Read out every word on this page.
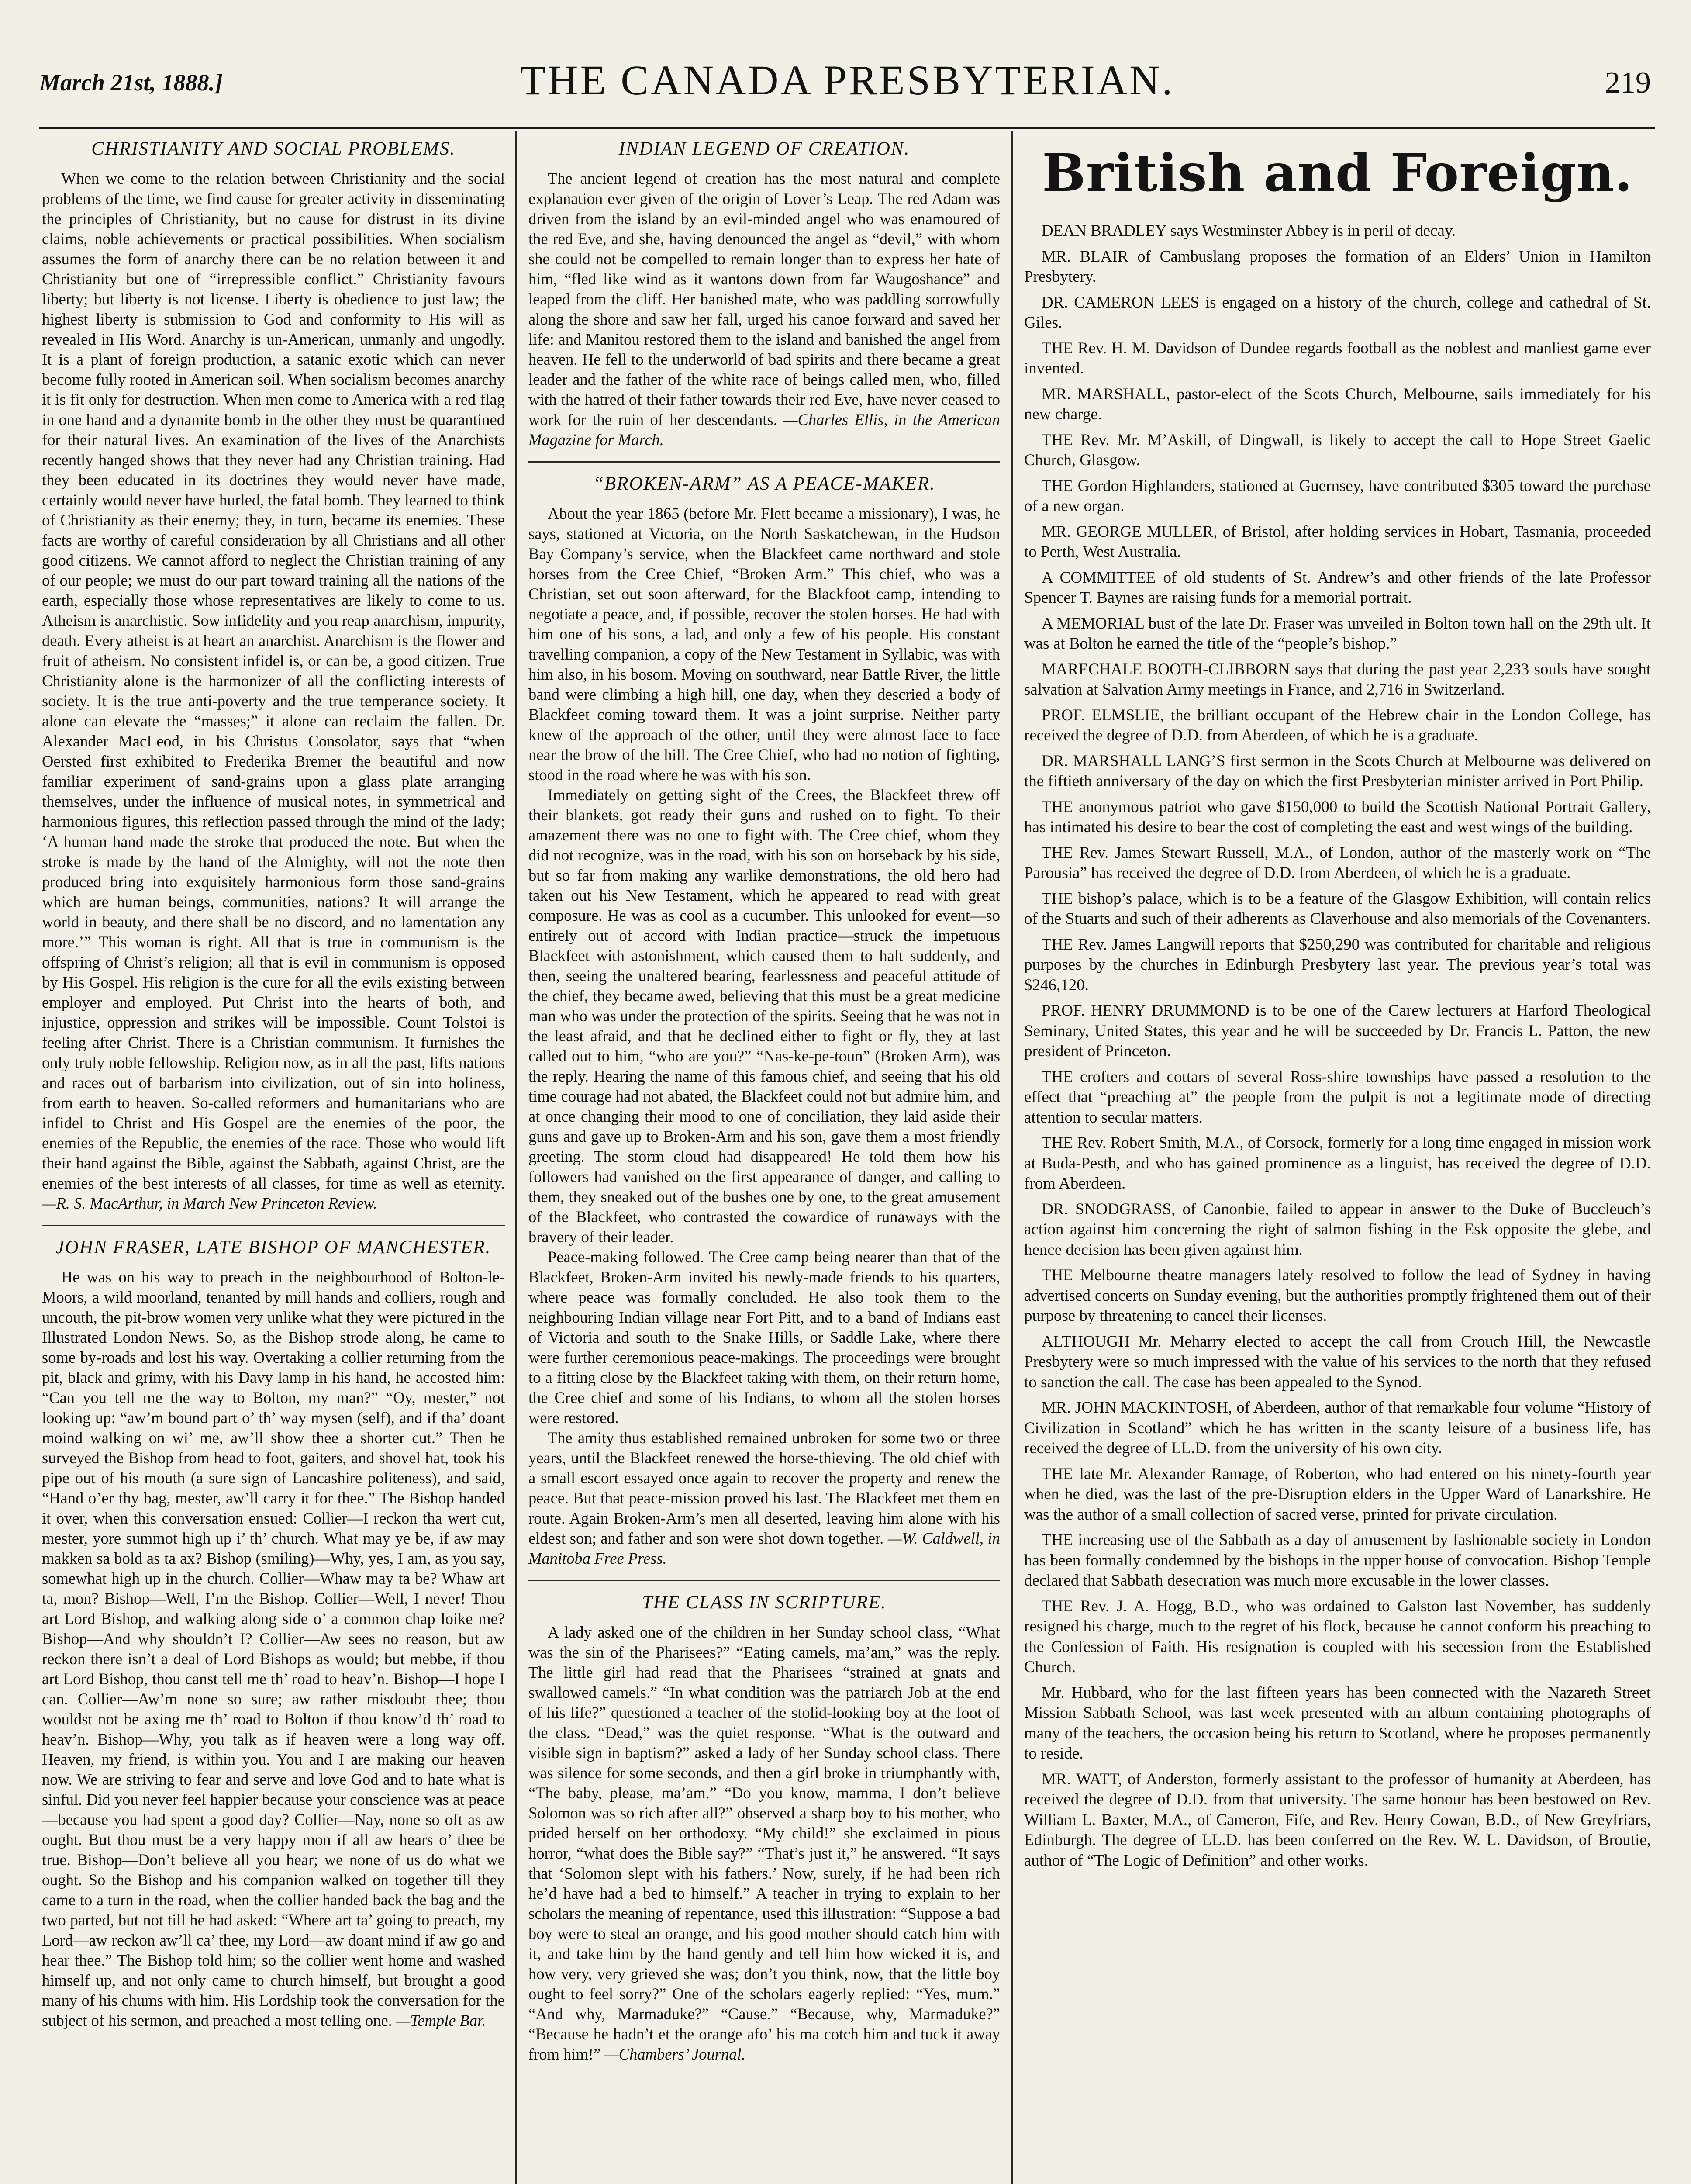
March 21st, 1888.]	THE CANADA PRESBYTERIAN.	219
CHRISTIANITY AND SOCIAL PROBLEMS.

When we come to the relation between Christianity and the social problems of the time, we find cause for greater activity in disseminating the principles of Christianity, but no cause for distrust in its divine claims, noble achievements or practical possibilities. When socialism assumes the form of anarchy there can be no relation between it and Christianity but one of “irrepressible conflict.” Christianity favours liberty; but liberty is not license. Liberty is obedience to just law; the highest liberty is submission to God and conformity to His will as revealed in His Word. Anarchy is un-American, unmanly and ungodly. It is a plant of foreign production, a satanic exotic which can never become fully rooted in American soil. When socialism becomes anarchy it is fit only for destruction. When men come to America with a red flag in one hand and a dynamite bomb in the other they must be quarantined for their natural lives. An examination of the lives of the Anarchists recently hanged shows that they never had any Christian training. Had they been educated in its doctrines they would never have made, certainly would never have hurled, the fatal bomb. They learned to think of Christianity as their enemy; they, in turn, became its enemies. These facts are worthy of careful consideration by all Christians and all other good citizens. We cannot afford to neglect the Christian training of any of our people; we must do our part toward training all the nations of the earth, especially those whose representatives are likely to come to us. Atheism is anarchistic. Sow infidelity and you reap anarchism, impurity, death. Every atheist is at heart an anarchist. Anarchism is the flower and fruit of atheism. No consistent infidel is, or can be, a good citizen. True Christianity alone is the harmonizer of all the conflicting interests of society. It is the true anti-poverty and the true temperance society. It alone can elevate the “masses;” it alone can reclaim the fallen. Dr. Alexander MacLeod, in his Christus Consolator, says that “when Oersted first exhibited to Frederika Bremer the beautiful and now familiar experiment of sand-grains upon a glass plate arranging themselves, under the influence of musical notes, in symmetrical and harmonious figures, this reflection passed through the mind of the lady; ‘A human hand made the stroke that produced the note. But when the stroke is made by the hand of the Almighty, will not the note then produced bring into exquisitely harmonious form those sand-grains which are human beings, communities, nations? It will arrange the world in beauty, and there shall be no discord, and no lamentation any more.’” This woman is right. All that is true in communism is the offspring of Christ’s religion; all that is evil in communism is opposed by His Gospel. His religion is the cure for all the evils existing between employer and employed. Put Christ into the hearts of both, and injustice, oppression and strikes will be impossible. Count Tolstoi is feeling after Christ. There is a Christian communism. It furnishes the only truly noble fellowship. Religion now, as in all the past, lifts nations and races out of barbarism into civilization, out of sin into holiness, from earth to heaven. So-called reformers and humanitarians who are infidel to Christ and His Gospel are the enemies of the poor, the enemies of the Republic, the enemies of the race. Those who would lift their hand against the Bible, against the Sabbath, against Christ, are the enemies of the best interests of all classes, for time as well as eternity. —R. S. MacArthur, in March New Princeton Review.

JOHN FRASER, LATE BISHOP OF MANCHESTER.

He was on his way to preach in the neighbourhood of Bolton-le-Moors, a wild moorland, tenanted by mill hands and colliers, rough and uncouth, the pit-brow women very unlike what they were pictured in the Illustrated London News. So, as the Bishop strode along, he came to some by-roads and lost his way. Overtaking a collier returning from the pit, black and grimy, with his Davy lamp in his hand, he accosted him: “Can you tell me the way to Bolton, my man?” “Oy, mester,” not looking up: “aw’m bound part o’ th’ way mysen (self), and if tha’ doant moind walking on wi’ me, aw’ll show thee a shorter cut.” Then he surveyed the Bishop from head to foot, gaiters, and shovel hat, took his pipe out of his mouth (a sure sign of Lancashire politeness), and said, “Hand o’er thy bag, mester, aw’ll carry it for thee.” The Bishop handed it over, when this conversation ensued: Collier—I reckon tha wert cut, mester, yore summot high up i’ th’ church. What may ye be, if aw may makken sa bold as ta ax? Bishop (smiling)—Why, yes, I am, as you say, somewhat high up in the church. Collier—Whaw may ta be? Whaw art ta, mon? Bishop—Well, I’m the Bishop. Collier—Well, I never! Thou art Lord Bishop, and walking along side o’ a common chap loike me? Bishop—And why shouldn’t I? Collier—Aw sees no reason, but aw reckon there isn’t a deal of Lord Bishops as would; but mebbe, if thou art Lord Bishop, thou canst tell me th’ road to heav’n. Bishop—I hope I can. Collier—Aw’m none so sure; aw rather misdoubt thee; thou wouldst not be axing me th’ road to Bolton if thou know’d th’ road to heav’n. Bishop—Why, you talk as if heaven were a long way off. Heaven, my friend, is within you. You and I are making our heaven now. We are striving to fear and serve and love God and to hate what is sinful. Did you never feel happier because your conscience was at peace—because you had spent a good day? Collier—Nay, none so oft as aw ought. But thou must be a very happy mon if all aw hears o’ thee be true. Bishop—Don’t believe all you hear; we none of us do what we ought. So the Bishop and his companion walked on together till they came to a turn in the road, when the collier handed back the bag and the two parted, but not till he had asked: “Where art ta’ going to preach, my Lord—aw reckon aw’ll ca’ thee, my Lord—aw doant mind if aw go and hear thee.” The Bishop told him; so the collier went home and washed himself up, and not only came to church himself, but brought a good many of his chums with him. His Lordship took the conversation for the subject of his sermon, and preached a most telling one. —Temple Bar.

INDIAN LEGEND OF CREATION.

The ancient legend of creation has the most natural and complete explanation ever given of the origin of Lover’s Leap. The red Adam was driven from the island by an evil-minded angel who was enamoured of the red Eve, and she, having denounced the angel as “devil,” with whom she could not be compelled to remain longer than to express her hate of him, “fled like wind as it wantons down from far Waugoshance” and leaped from the cliff. Her banished mate, who was paddling sorrowfully along the shore and saw her fall, urged his canoe forward and saved her life: and Manitou restored them to the island and banished the angel from heaven. He fell to the underworld of bad spirits and there became a great leader and the father of the white race of beings called men, who, filled with the hatred of their father towards their red Eve, have never ceased to work for the ruin of her descendants. —Charles Ellis, in the American Magazine for March.

“BROKEN-ARM” AS A PEACE-MAKER.

About the year 1865 (before Mr. Flett became a missionary), I was, he says, stationed at Victoria, on the North Saskatchewan, in the Hudson Bay Company’s service, when the Blackfeet came northward and stole horses from the Cree Chief, “Broken Arm.” This chief, who was a Christian, set out soon afterward, for the Blackfoot camp, intending to negotiate a peace, and, if possible, recover the stolen horses. He had with him one of his sons, a lad, and only a few of his people. His constant travelling companion, a copy of the New Testament in Syllabic, was with him also, in his bosom. Moving on southward, near Battle River, the little band were climbing a high hill, one day, when they descried a body of Blackfeet coming toward them. It was a joint surprise. Neither party knew of the approach of the other, until they were almost face to face near the brow of the hill. The Cree Chief, who had no notion of fighting, stood in the road where he was with his son.

Immediately on getting sight of the Crees, the Blackfeet threw off their blankets, got ready their guns and rushed on to fight. To their amazement there was no one to fight with. The Cree chief, whom they did not recognize, was in the road, with his son on horseback by his side, but so far from making any warlike demonstrations, the old hero had taken out his New Testament, which he appeared to read with great composure. He was as cool as a cucumber. This unlooked for event—so entirely out of accord with Indian practice—struck the impetuous Blackfeet with astonishment, which caused them to halt suddenly, and then, seeing the unaltered bearing, fearlessness and peaceful attitude of the chief, they became awed, believing that this must be a great medicine man who was under the protection of the spirits. Seeing that he was not in the least afraid, and that he declined either to fight or fly, they at last called out to him, “who are you?” “Nas-ke-pe-toun” (Broken Arm), was the reply. Hearing the name of this famous chief, and seeing that his old time courage had not abated, the Blackfeet could not but admire him, and at once changing their mood to one of conciliation, they laid aside their guns and gave up to Broken-Arm and his son, gave them a most friendly greeting. The storm cloud had disappeared! He told them how his followers had vanished on the first appearance of danger, and calling to them, they sneaked out of the bushes one by one, to the great amusement of the Blackfeet, who contrasted the cowardice of runaways with the bravery of their leader.

Peace-making followed. The Cree camp being nearer than that of the Blackfeet, Broken-Arm invited his newly-made friends to his quarters, where peace was formally concluded. He also took them to the neighbouring Indian village near Fort Pitt, and to a band of Indians east of Victoria and south to the Snake Hills, or Saddle Lake, where there were further ceremonious peace-makings. The proceedings were brought to a fitting close by the Blackfeet taking with them, on their return home, the Cree chief and some of his Indians, to whom all the stolen horses were restored.

The amity thus established remained unbroken for some two or three years, until the Blackfeet renewed the horse-thieving. The old chief with a small escort essayed once again to recover the property and renew the peace. But that peace-mission proved his last. The Blackfeet met them en route. Again Broken-Arm’s men all deserted, leaving him alone with his eldest son; and father and son were shot down together. —W. Caldwell, in Manitoba Free Press.

THE CLASS IN SCRIPTURE.

A lady asked one of the children in her Sunday school class, “What was the sin of the Pharisees?” “Eating camels, ma’am,” was the reply. The little girl had read that the Pharisees “strained at gnats and swallowed camels.” “In what condition was the patriarch Job at the end of his life?” questioned a teacher of the stolid-looking boy at the foot of the class. “Dead,” was the quiet response. “What is the outward and visible sign in baptism?” asked a lady of her Sunday school class. There was silence for some seconds, and then a girl broke in triumphantly with, “The baby, please, ma’am.” “Do you know, mamma, I don’t believe Solomon was so rich after all?” observed a sharp boy to his mother, who prided herself on her orthodoxy. “My child!” she exclaimed in pious horror, “what does the Bible say?” “That’s just it,” he answered. “It says that ‘Solomon slept with his fathers.’ Now, surely, if he had been rich he’d have had a bed to himself.” A teacher in trying to explain to her scholars the meaning of repentance, used this illustration: “Suppose a bad boy were to steal an orange, and his good mother should catch him with it, and take him by the hand gently and tell him how wicked it is, and how very, very grieved she was; don’t you think, now, that the little boy ought to feel sorry?” One of the scholars eagerly replied: “Yes, mum.” “And why, Marmaduke?” “Cause.” “Because, why, Marmaduke?” “Because he hadn’t et the orange afo’ his ma cotch him and tuck it away from him!” —Chambers’ Journal.

British and Foreign.

DEAN BRADLEY says Westminster Abbey is in peril of decay.

MR. BLAIR of Cambuslang proposes the formation of an Elders’ Union in Hamilton Presbytery.

DR. CAMERON LEES is engaged on a history of the church, college and cathedral of St. Giles.

THE Rev. H. M. Davidson of Dundee regards football as the noblest and manliest game ever invented.

MR. MARSHALL, pastor-elect of the Scots Church, Melbourne, sails immediately for his new charge.

THE Rev. Mr. M’Askill, of Dingwall, is likely to accept the call to Hope Street Gaelic Church, Glasgow.

THE Gordon Highlanders, stationed at Guernsey, have contributed $305 toward the purchase of a new organ.

MR. GEORGE MULLER, of Bristol, after holding services in Hobart, Tasmania, proceeded to Perth, West Australia.

A COMMITTEE of old students of St. Andrew’s and other friends of the late Professor Spencer T. Baynes are raising funds for a memorial portrait.

A MEMORIAL bust of the late Dr. Fraser was unveiled in Bolton town hall on the 29th ult. It was at Bolton he earned the title of the “people’s bishop.”

MARECHALE BOOTH-CLIBBORN says that during the past year 2,233 souls have sought salvation at Salvation Army meetings in France, and 2,716 in Switzerland.

PROF. ELMSLIE, the brilliant occupant of the Hebrew chair in the London College, has received the degree of D.D. from Aberdeen, of which he is a graduate.

DR. MARSHALL LANG’S first sermon in the Scots Church at Melbourne was delivered on the fiftieth anniversary of the day on which the first Presbyterian minister arrived in Port Philip.

THE anonymous patriot who gave $150,000 to build the Scottish National Portrait Gallery, has intimated his desire to bear the cost of completing the east and west wings of the building.

THE Rev. James Stewart Russell, M.A., of London, author of the masterly work on “The Parousia” has received the degree of D.D. from Aberdeen, of which he is a graduate.

THE bishop’s palace, which is to be a feature of the Glasgow Exhibition, will contain relics of the Stuarts and such of their adherents as Claverhouse and also memorials of the Covenanters.

THE Rev. James Langwill reports that $250,290 was contributed for charitable and religious purposes by the churches in Edinburgh Presbytery last year. The previous year’s total was $246,120.

PROF. HENRY DRUMMOND is to be one of the Carew lecturers at Harford Theological Seminary, United States, this year and he will be succeeded by Dr. Francis L. Patton, the new president of Princeton.

THE crofters and cottars of several Ross-shire townships have passed a resolution to the effect that “preaching at” the people from the pulpit is not a legitimate mode of directing attention to secular matters.

THE Rev. Robert Smith, M.A., of Corsock, formerly for a long time engaged in mission work at Buda-Pesth, and who has gained prominence as a linguist, has received the degree of D.D. from Aberdeen.

DR. SNODGRASS, of Canonbie, failed to appear in answer to the Duke of Buccleuch’s action against him concerning the right of salmon fishing in the Esk opposite the glebe, and hence decision has been given against him.

THE Melbourne theatre managers lately resolved to follow the lead of Sydney in having advertised concerts on Sunday evening, but the authorities promptly frightened them out of their purpose by threatening to cancel their licenses.

ALTHOUGH Mr. Meharry elected to accept the call from Crouch Hill, the Newcastle Presbytery were so much impressed with the value of his services to the north that they refused to sanction the call. The case has been appealed to the Synod.

MR. JOHN MACKINTOSH, of Aberdeen, author of that remarkable four volume “History of Civilization in Scotland” which he has written in the scanty leisure of a business life, has received the degree of LL.D. from the university of his own city.

THE late Mr. Alexander Ramage, of Roberton, who had entered on his ninety-fourth year when he died, was the last of the pre-Disruption elders in the Upper Ward of Lanarkshire. He was the author of a small collection of sacred verse, printed for private circulation.

THE increasing use of the Sabbath as a day of amusement by fashionable society in London has been formally condemned by the bishops in the upper house of convocation. Bishop Temple declared that Sabbath desecration was much more excusable in the lower classes.

THE Rev. J. A. Hogg, B.D., who was ordained to Galston last November, has suddenly resigned his charge, much to the regret of his flock, because he cannot conform his preaching to the Confession of Faith. His resignation is coupled with his secession from the Established Church.

Mr. Hubbard, who for the last fifteen years has been connected with the Nazareth Street Mission Sabbath School, was last week presented with an album containing photographs of many of the teachers, the occasion being his return to Scotland, where he proposes permanently to reside.

MR. WATT, of Anderston, formerly assistant to the professor of humanity at Aberdeen, has received the degree of D.D. from that university. The same honour has been bestowed on Rev. William L. Baxter, M.A., of Cameron, Fife, and Rev. Henry Cowan, B.D., of New Greyfriars, Edinburgh. The degree of LL.D. has been conferred on the Rev. W. L. Davidson, of Broutie, author of “The Logic of Definition” and other works.
